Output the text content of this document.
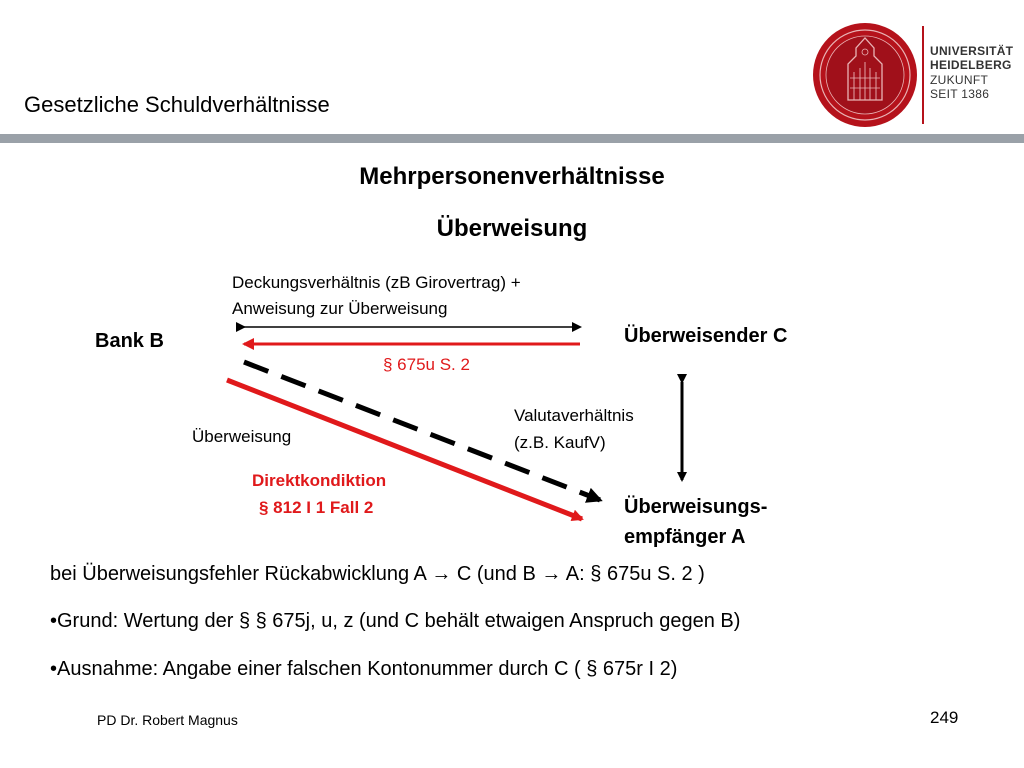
Gesetzliche Schuldverhältnisse
UNIVERSITÄT
HEIDELBERG
ZUKUNFT
SEIT 1386
Mehrpersonenverhältnisse
Überweisung
Deckungsverhältnis (zB Girovertrag) +
Anweisung zur Überweisung
Bank B	Überweisender C
§ 675u S. 2
Valutaverhältnis
(z.B. KaufV)
Überweisung
Direktkondiktion
§ 812 I 1 Fall 2	Überweisungs-
empfänger A
bei Überweisungsfehler Rückabwicklung A → C (und B → A: § 675u S. 2 )
•Grund: Wertung der § § 675j, u, z (und C behält etwaigen Anspruch gegen B)
•Ausnahme: Angabe einer falschen Kontonummer durch C ( § 675r I 2)
PD Dr. Robert Magnus	249
